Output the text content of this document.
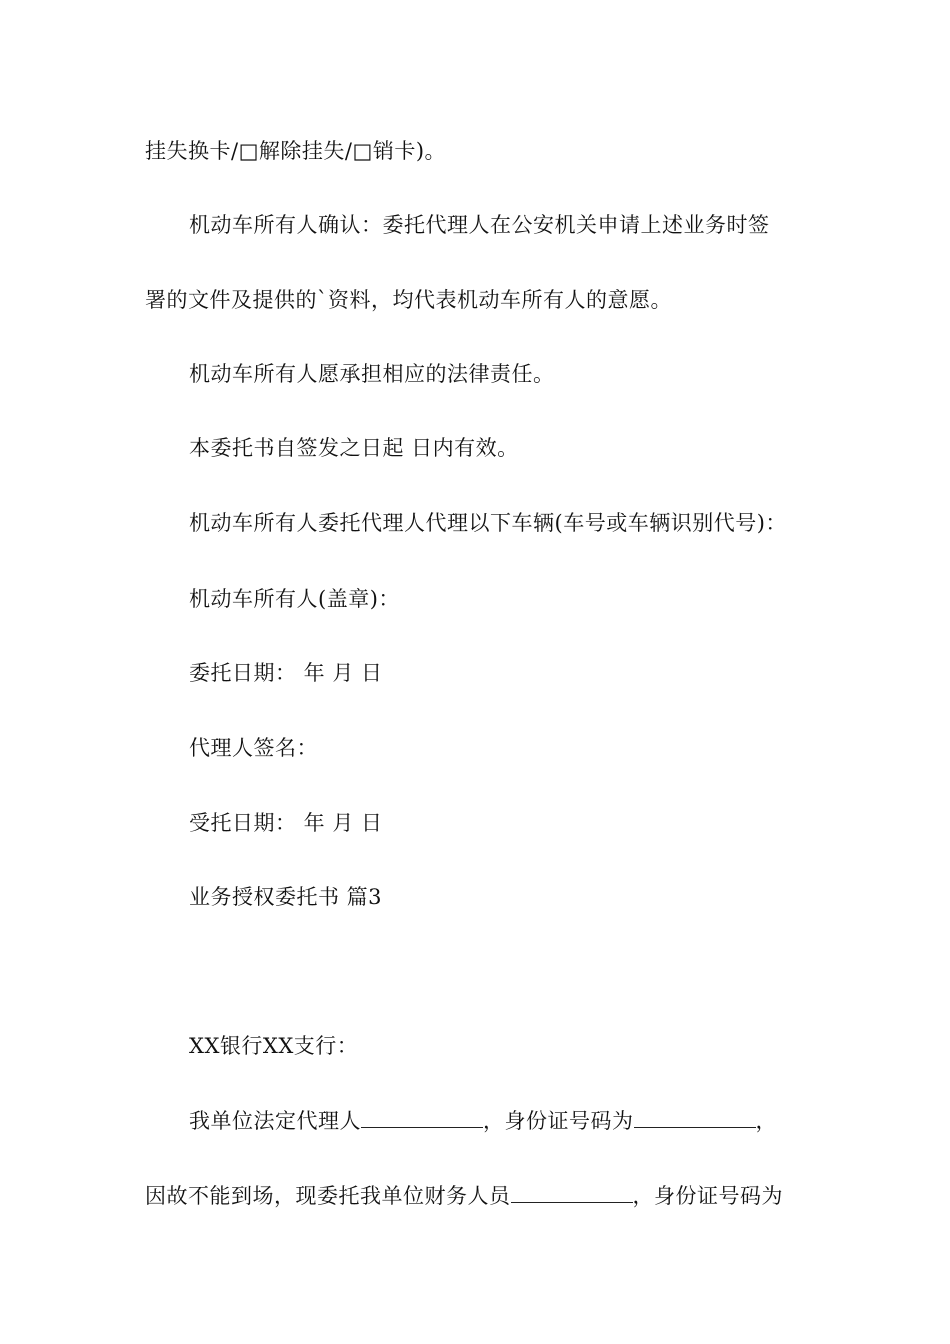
挂失换卡/□解除挂失/□销卡)。
机动车所有人确认：委托代理人在公安机关申请上述业务时签
署的文件及提供的`资料，均代表机动车所有人的意愿。
机动车所有人愿承担相应的法律责任。
本委托书自签发之日起 日内有效。
机动车所有人委托代理人代理以下车辆(车号或车辆识别代号)：
机动车所有人(盖章)：
委托日期： 年 月 日
代理人签名：
受托日期： 年 月 日
业务授权委托书 篇3
XX银行XX支行：
我单位法定代理人	，身份证号码为	，
因故不能到场，现委托我单位财务人员	，身份证号码为
